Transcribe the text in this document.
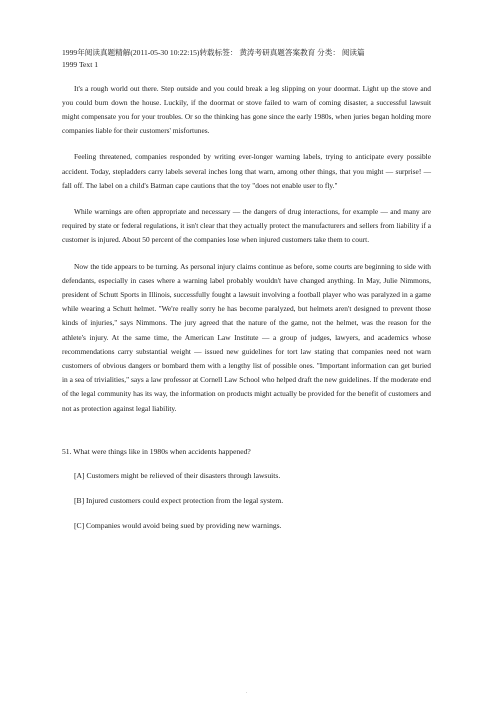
1999年阅读真题精解(2011-05-30 10:22:15)转载标签： 黄涛考研真题答案教育 分类： 阅读篇
1999 Text 1

It's a rough world out there. Step outside and you could break a leg slipping on your doormat. Light up the stove and you could burn down the house. Luckily, if the doormat or stove failed to warn of coming disaster, a successful lawsuit might compensate you for your troubles. Or so the thinking has gone since the early 1980s, when juries began holding more companies liable for their customers' misfortunes.

Feeling threatened, companies responded by writing ever-longer warning labels, trying to anticipate every possible accident. Today, stepladders carry labels several inches long that warn, among other things, that you might — surprise! — fall off. The label on a child's Batman cape cautions that the toy "does not enable user to fly."

While warnings are often appropriate and necessary — the dangers of drug interactions, for example — and many are required by state or federal regulations, it isn't clear that they actually protect the manufacturers and sellers from liability if a customer is injured. About 50 percent of the companies lose when injured customers take them to court.

Now the tide appears to be turning. As personal injury claims continue as before, some courts are beginning to side with defendants, especially in cases where a warning label probably wouldn't have changed anything. In May, Julie Nimmons, president of Schutt Sports in Illinois, successfully fought a lawsuit involving a football player who was paralyzed in a game while wearing a Schutt helmet. "We're really sorry he has become paralyzed, but helmets aren't designed to prevent those kinds of injuries," says Nimmons. The jury agreed that the nature of the game, not the helmet, was the reason for the athlete's injury. At the same time, the American Law Institute — a group of judges, lawyers, and academics whose recommendations carry substantial weight — issued new guidelines for tort law stating that companies need not warn customers of obvious dangers or bombard them with a lengthy list of possible ones. "Important information can get buried in a sea of trivialities," says a law professor at Cornell Law School who helped draft the new guidelines. If the moderate end of the legal community has its way, the information on products might actually be provided for the benefit of customers and not as protection against legal liability.

51. What were things like in 1980s when accidents happened?
[A] Customers might be relieved of their disasters through lawsuits.
[B] Injured customers could expect protection from the legal system.
[C] Companies would avoid being sued by providing new warnings.
.
